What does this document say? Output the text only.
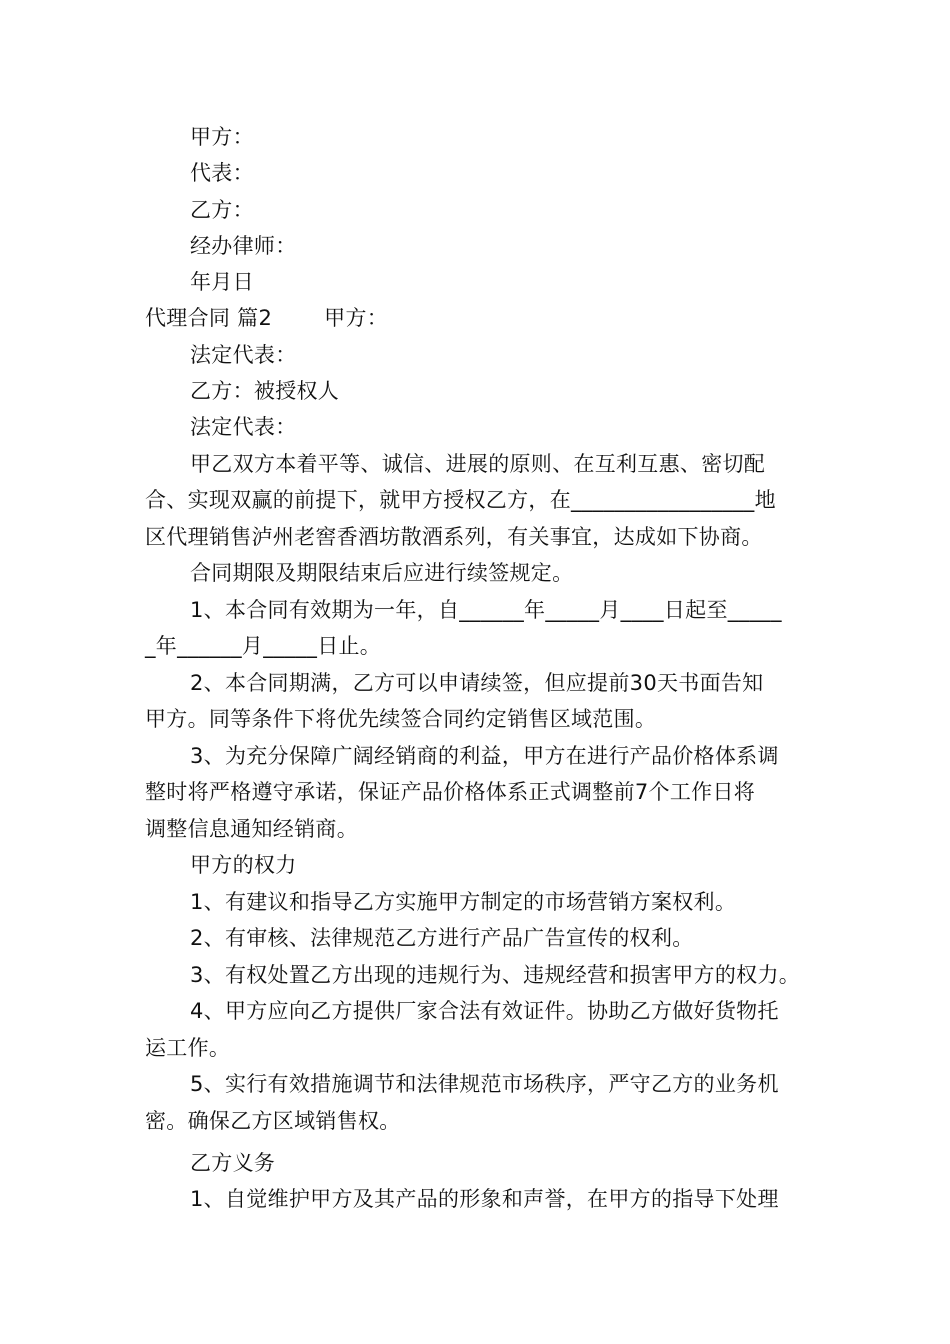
甲方：
代表：
乙方：
经办律师：
年月日
代理合同 篇2 甲方：
法定代表：
乙方：被授权人
法定代表：
甲乙双方本着平等、诚信、进展的原则、在互利互惠、密切配
合、实现双赢的前提下，就甲方授权乙方，在_________________地
区代理销售泸州老窖香酒坊散酒系列，有关事宜，达成如下协商。
合同期限及期限结束后应进行续签规定。
1、本合同有效期为一年，自______年_____月____日起至_____
_年______月_____日止。
2、本合同期满，乙方可以申请续签，但应提前30天书面告知
甲方。同等条件下将优先续签合同约定销售区域范围。
3、为充分保障广阔经销商的利益，甲方在进行产品价格体系调
整时将严格遵守承诺，保证产品价格体系正式调整前7个工作日将
调整信息通知经销商。
甲方的权力
1、有建议和指导乙方实施甲方制定的市场营销方案权利。
2、有审核、法律规范乙方进行产品广告宣传的权利。
3、有权处置乙方出现的违规行为、违规经营和损害甲方的权力。
4、甲方应向乙方提供厂家合法有效证件。协助乙方做好货物托
运工作。
5、实行有效措施调节和法律规范市场秩序，严守乙方的业务机
密。确保乙方区域销售权。
乙方义务
1、自觉维护甲方及其产品的形象和声誉，在甲方的指导下处理
